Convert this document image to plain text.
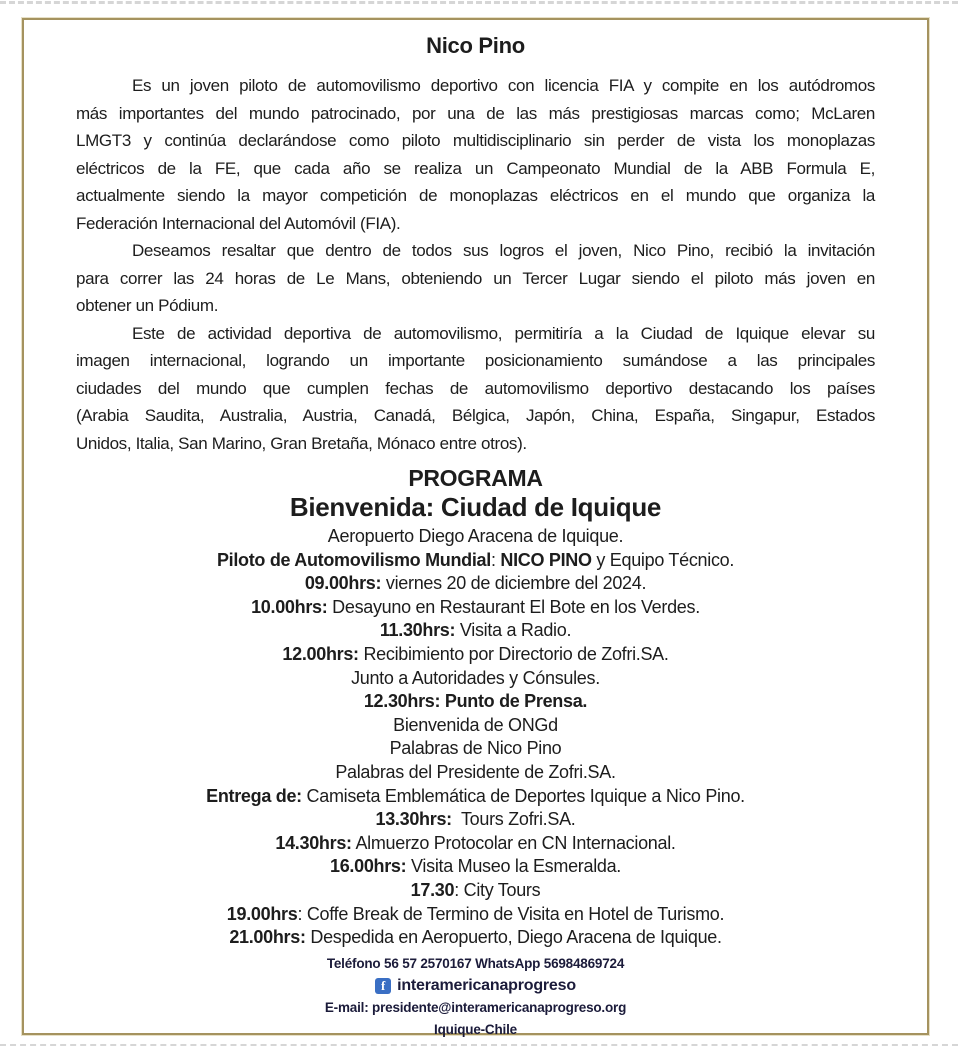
Nico Pino
Es un joven piloto de automovilismo deportivo con licencia FIA y compite en los autódromos
más importantes del mundo patrocinado, por una de las más prestigiosas marcas como; McLaren
LMGT3 y continúa declarándose como piloto multidisciplinario sin perder de vista los monoplazas
eléctricos de la FE, que cada año se realiza un Campeonato Mundial de la ABB Formula E,
actualmente siendo la mayor competición de monoplazas eléctricos en el mundo que organiza la
Federación Internacional del Automóvil (FIA).
Deseamos resaltar que dentro de todos sus logros el joven, Nico Pino, recibió la invitación
para correr las 24 horas de Le Mans, obteniendo un Tercer Lugar siendo el piloto más joven en
obtener un Pódium.
Este de actividad deportiva de automovilismo, permitiría a la Ciudad de Iquique elevar su
imagen internacional, logrando un importante posicionamiento sumándose a las principales
ciudades del mundo que cumplen fechas de automovilismo deportivo destacando los países
(Arabia Saudita, Australia, Austria, Canadá, Bélgica, Japón, China, España, Singapur, Estados
Unidos, Italia, San Marino, Gran Bretaña, Mónaco entre otros).
PROGRAMA
Bienvenida: Ciudad de Iquique
Aeropuerto Diego Aracena de Iquique.
Piloto de Automovilismo Mundial: NICO PINO y Equipo Técnico.
09.00hrs: viernes 20 de diciembre del 2024.
10.00hrs: Desayuno en Restaurant El Bote en los Verdes.
11.30hrs: Visita a Radio.
12.00hrs: Recibimiento por Directorio de Zofri.SA.
Junto a Autoridades y Cónsules.
12.30hrs: Punto de Prensa.
Bienvenida de ONGd
Palabras de Nico Pino
Palabras del Presidente de Zofri.SA.
Entrega de: Camiseta Emblemática de Deportes Iquique a Nico Pino.
13.30hrs:  Tours Zofri.SA.
14.30hrs: Almuerzo Protocolar en CN Internacional.
16.00hrs: Visita Museo la Esmeralda.
17.30: City Tours
19.00hrs: Coffe Break de Termino de Visita en Hotel de Turismo.
21.00hrs: Despedida en Aeropuerto, Diego Aracena de Iquique.
Teléfono 56 57 2570167 WhatsApp 56984869724
f interamericanaprogreso
E-mail: presidente@interamericanaprogreso.org
Iquique-Chile
